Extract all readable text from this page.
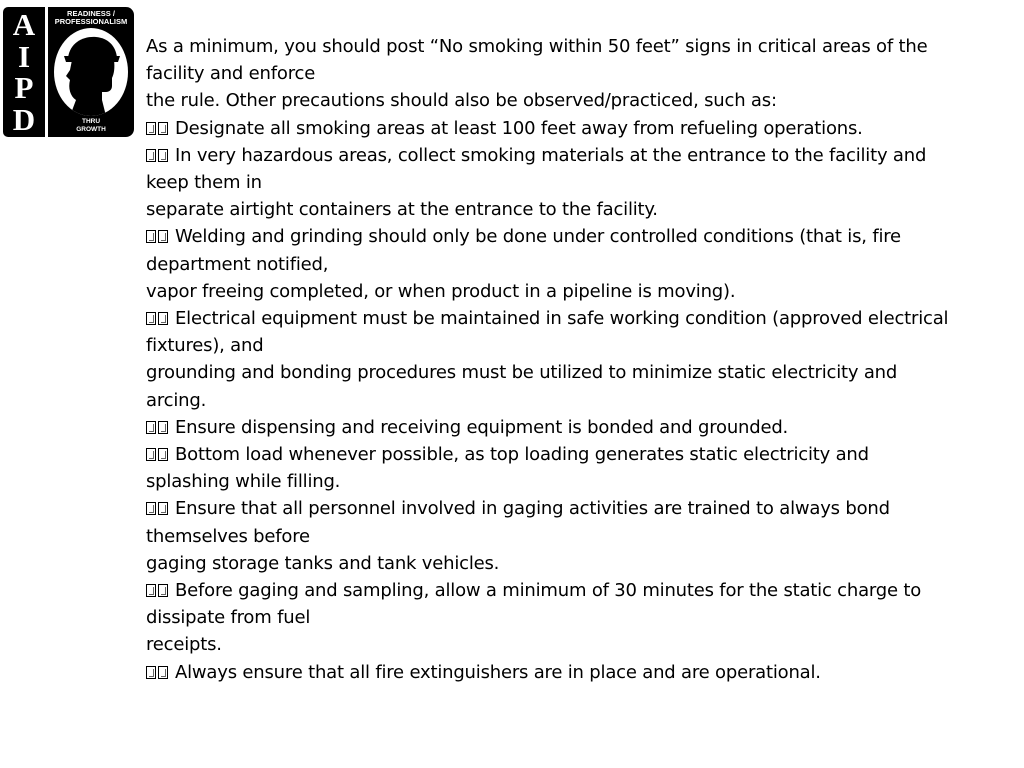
A
I
P
D
READINESS /
PROFESSIONALISM
THRU
GROWTH
As a minimum, you should post “No smoking within 50 feet” signs in critical areas of the
facility and enforce
the rule. Other precautions should also be observed/practiced, such as:
Designate all smoking areas at least 100 feet away from refueling operations.
In very hazardous areas, collect smoking materials at the entrance to the facility and
keep them in
separate airtight containers at the entrance to the facility.
Welding and grinding should only be done under controlled conditions (that is, fire
department notified,
vapor freeing completed, or when product in a pipeline is moving).
Electrical equipment must be maintained in safe working condition (approved electrical
fixtures), and
grounding and bonding procedures must be utilized to minimize static electricity and
arcing.
Ensure dispensing and receiving equipment is bonded and grounded.
Bottom load whenever possible, as top loading generates static electricity and
splashing while filling.
Ensure that all personnel involved in gaging activities are trained to always bond
themselves before
gaging storage tanks and tank vehicles.
Before gaging and sampling, allow a minimum of 30 minutes for the static charge to
dissipate from fuel
receipts.
Always ensure that all fire extinguishers are in place and are operational.
